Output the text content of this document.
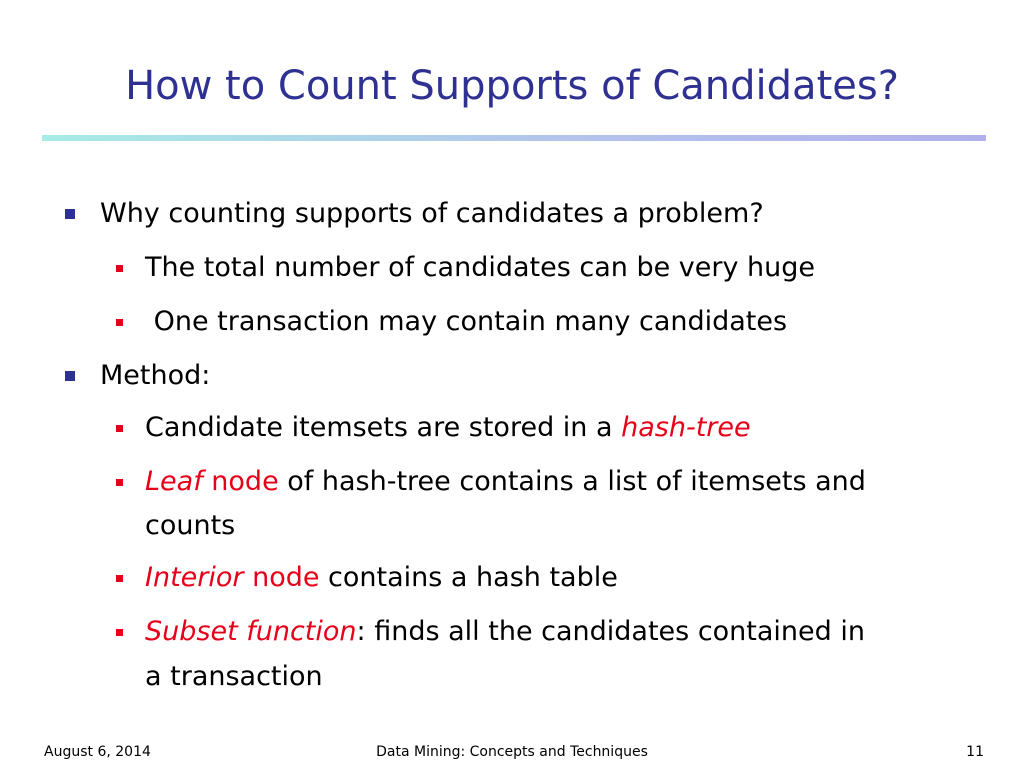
How to Count Supports of Candidates?
Why counting supports of candidates a problem?
The total number of candidates can be very huge
One transaction may contain many candidates
Method:
Candidate itemsets are stored in a hash-tree
Leaf node of hash-tree contains a list of itemsets and
counts
Interior node contains a hash table
Subset function: finds all the candidates contained in
a transaction
August 6, 2014	Data Mining: Concepts and Techniques	11
